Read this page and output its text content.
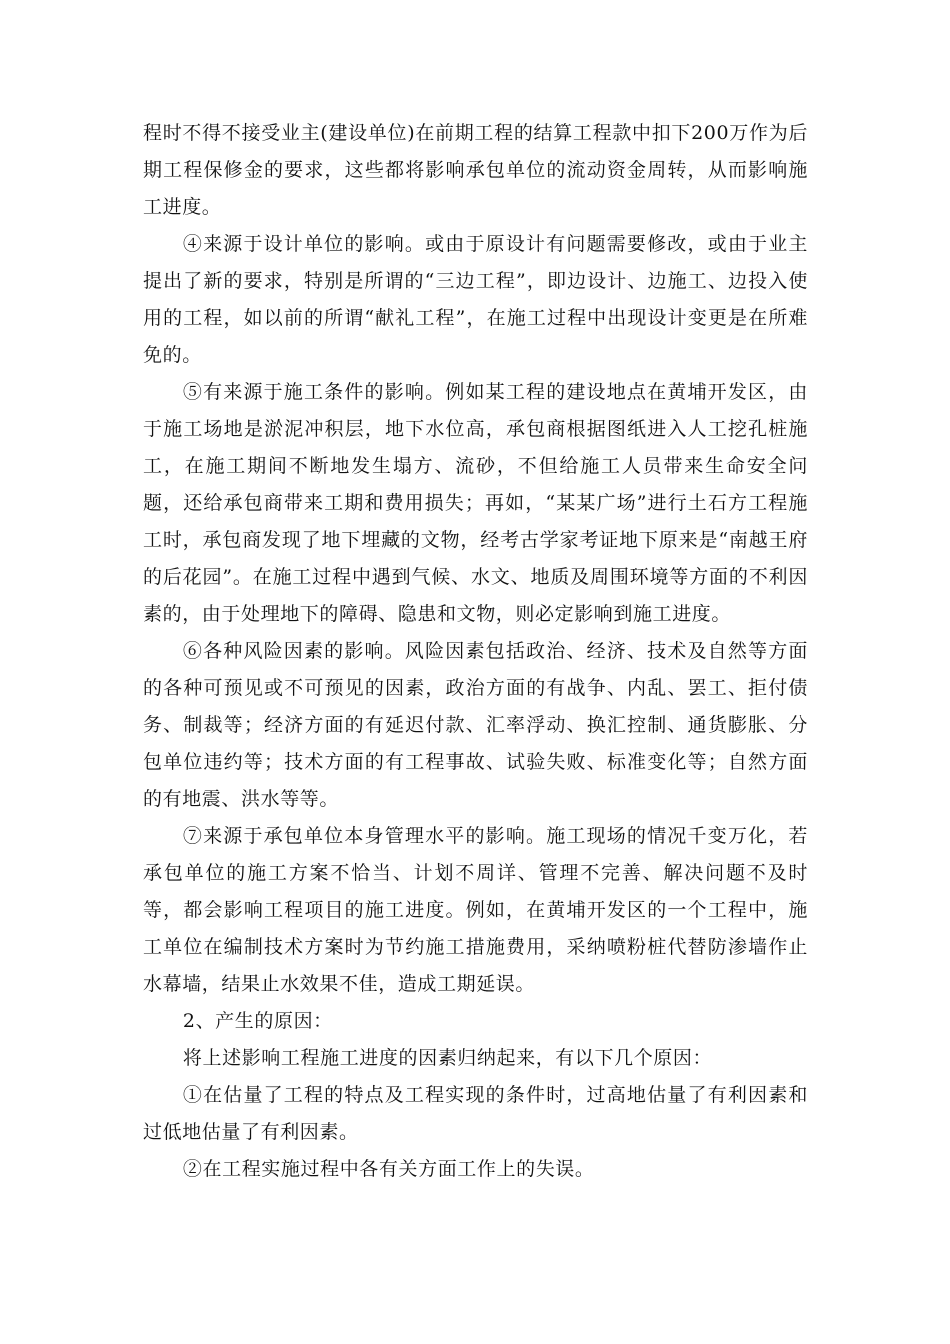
程时不得不接受业主(建设单位)在前期工程的结算工程款中扣下200万作为后期工程保修金的要求，这些都将影响承包单位的流动资金周转，从而影响施工进度。

④来源于设计单位的影响。或由于原设计有问题需要修改，或由于业主提出了新的要求，特别是所谓的“三边工程”，即边设计、边施工、边投入使用的工程，如以前的所谓“献礼工程”，在施工过程中出现设计变更是在所难免的。

⑤有来源于施工条件的影响。例如某工程的建设地点在黄埔开发区，由于施工场地是淤泥冲积层，地下水位高，承包商根据图纸进入人工挖孔桩施工，在施工期间不断地发生塌方、流砂，不但给施工人员带来生命安全问题，还给承包商带来工期和费用损失；再如，“某某广场”进行土石方工程施工时，承包商发现了地下埋藏的文物，经考古学家考证地下原来是“南越王府的后花园”。在施工过程中遇到气候、水文、地质及周围环境等方面的不利因素的，由于处理地下的障碍、隐患和文物，则必定影响到施工进度。

⑥各种风险因素的影响。风险因素包括政治、经济、技术及自然等方面的各种可预见或不可预见的因素，政治方面的有战争、内乱、罢工、拒付债务、制裁等；经济方面的有延迟付款、汇率浮动、换汇控制、通货膨胀、分包单位违约等；技术方面的有工程事故、试验失败、标准变化等；自然方面的有地震、洪水等等。

⑦来源于承包单位本身管理水平的影响。施工现场的情况千变万化，若承包单位的施工方案不恰当、计划不周详、管理不完善、解决问题不及时等，都会影响工程项目的施工进度。例如，在黄埔开发区的一个工程中，施工单位在编制技术方案时为节约施工措施费用，采纳喷粉桩代替防渗墙作止水幕墙，结果止水效果不佳，造成工期延误。

2、产生的原因：

将上述影响工程施工进度的因素归纳起来，有以下几个原因：

①在估量了工程的特点及工程实现的条件时，过高地估量了有利因素和过低地估量了有利因素。

②在工程实施过程中各有关方面工作上的失误。
